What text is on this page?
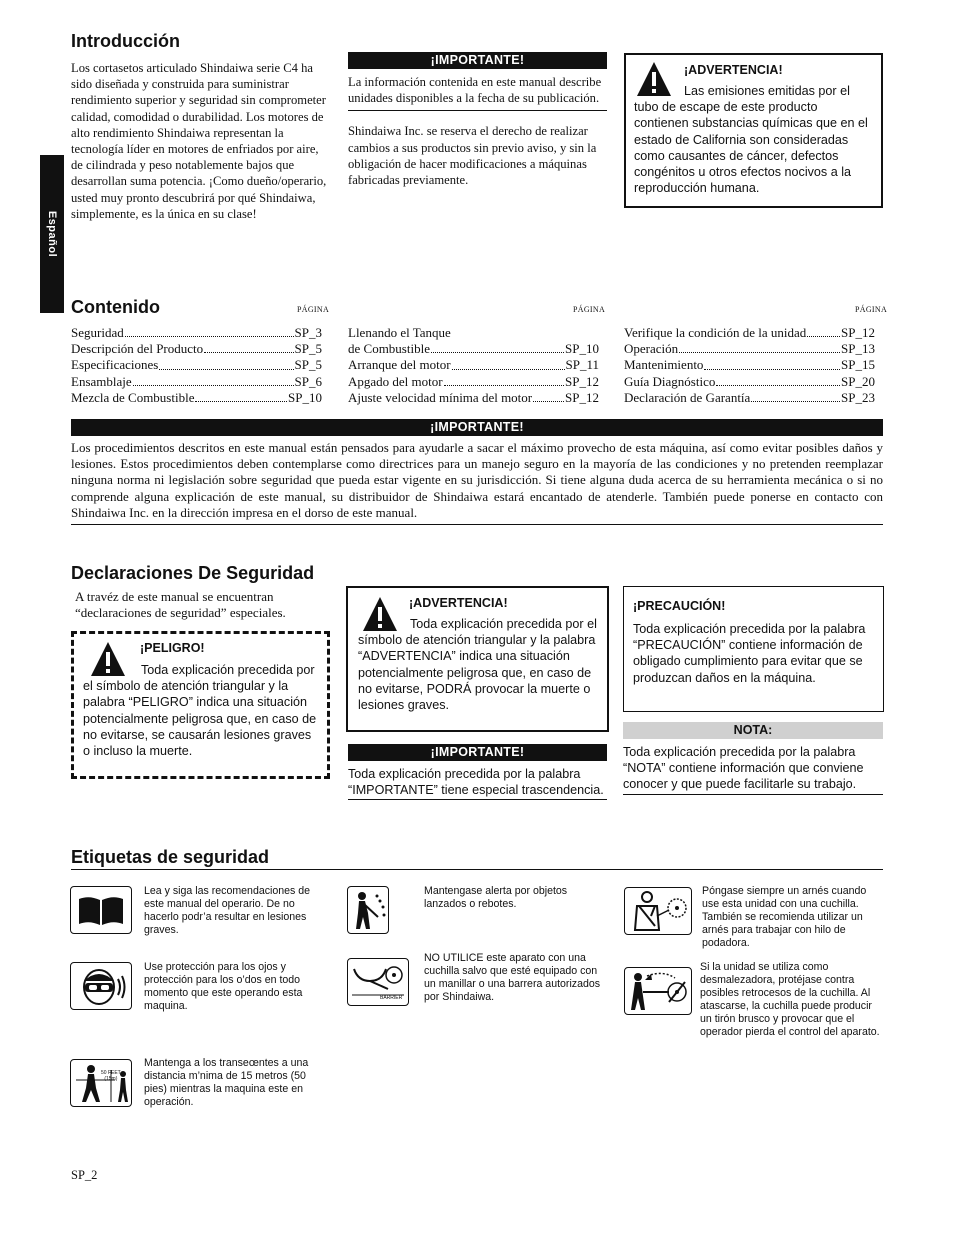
Español
Introducción
Los cortasetos articulado Shindaiwa serie C4 ha sido diseñada y construida para suministrar rendimiento superior y seguridad sin comprometer calidad, comodidad o durabilidad. Los motores de alto rendimiento Shindaiwa representan la tecnología líder en motores de enfriados por aire, de cilindrada y peso notablemente bajos que desarrollan suma potencia. ¡Como dueño/operario, usted muy pronto descubrirá por qué Shindaiwa, simplemente, es la única en su clase!
¡IMPORTANTE!
La información contenida en este manual describe unidades disponibles a la fecha de su publicación.
Shindaiwa Inc. se reserva el derecho de realizar cambios a sus productos sin previo aviso, y sin la obligación de hacer modificaciones a máquinas fabricadas previamente.
¡ADVERTENCIA!
Las emisiones emitidas por el tubo de escape de este producto contienen substancias químicas que en el estado de California son consideradas como causantes de cáncer, defectos congénitos u otros efectos nocivos a la reproducción humana.
Contenido	PÁGINA	PÁGINA	PÁGINA
Seguridad	SP_3
Descripción del Producto	SP_5
Especificaciones	SP_5
Ensamblaje	SP_6
Mezcla de Combustible	SP_10
Llenando el Tanque
de Combustible	SP_10
Arranque del motor	SP_11
Apgado del motor	SP_12
Ajuste velocidad mínima del motor	SP_12
Verifique la condición de la unidad	SP_12
Operación	SP_13
Mantenimiento	SP_15
Guía Diagnóstico	SP_20
Declaración de Garantía	SP_23
¡IMPORTANTE!
Los procedimientos descritos en este manual están pensados para ayudarle a sacar el máximo provecho de esta máquina, así como evitar posibles daños y lesiones. Estos procedimientos deben contemplarse como directrices para un manejo seguro en la mayoría de las condiciones y no pretenden reemplazar ninguna norma ni legislación sobre seguridad que pueda estar vigente en su jurisdicción. Si tiene alguna duda acerca de su herramienta mecánica o si no comprende alguna explicación de este manual, su distribuidor de Shindaiwa estará encantado de atenderle. También puede ponerse en contacto con Shindaiwa Inc. en la dirección impresa en el dorso de este manual.
Declaraciones De Seguridad
A travéz de este manual se encuentran “declaraciones de seguridad” especiales.
¡PELIGRO!
Toda explicación precedida por el símbolo de atención triangular y la palabra “PELIGRO” indica una situación potencialmente peligrosa que, en caso de no evitarse, se causarán lesiones graves o incluso la muerte.
¡ADVERTENCIA!
Toda explicación precedida por el símbolo de atención triangular y la palabra “ADVERTENCIA” indica una situación potencialmente peligrosa que, en caso de no evitarse, PODRÁ provocar la muerte o lesiones graves.
¡IMPORTANTE!
Toda explicación precedida por la palabra “IMPORTANTE” tiene especial trascendencia.
¡PRECAUCIÓN!
Toda explicación precedida por la palabra “PRECAUCIÓN” contiene información de obligado cumplimiento para evitar que se produzcan daños en la máquina.
NOTA:
Toda explicación precedida por la palabra “NOTA” contiene información que conviene conocer y que puede facilitarle su trabajo.
Etiquetas de seguridad
Lea y siga las recomendaciones de este manual del operario. De no hacerlo podr’a resultar en lesiones graves.
Use protección para los ojos y protección para los o’dos en todo momento que este operando esta maquina.
50 FEET
(15m)
Mantenga a los transeœntes a una distancia m’nima de 15 metros (50 pies) mientras la maquina este en operación.
Mantengase alerta por objetos lanzados o rebotes.
BARRIER
NO UTILICE este aparato con una cuchilla salvo que esté equipado con un manillar o una barrera autorizados por Shindaiwa.
Póngase siempre un arnés cuando use esta unidad con una cuchilla. También se recomienda utilizar un arnés para trabajar con hilo de podadora.
Si la unidad se utiliza como desmalezadora, protéjase contra posibles retrocesos de la cuchilla. Al atascarse, la cuchilla puede producir un tirón brusco y provocar que el operador pierda el control del aparato.
SP_2
